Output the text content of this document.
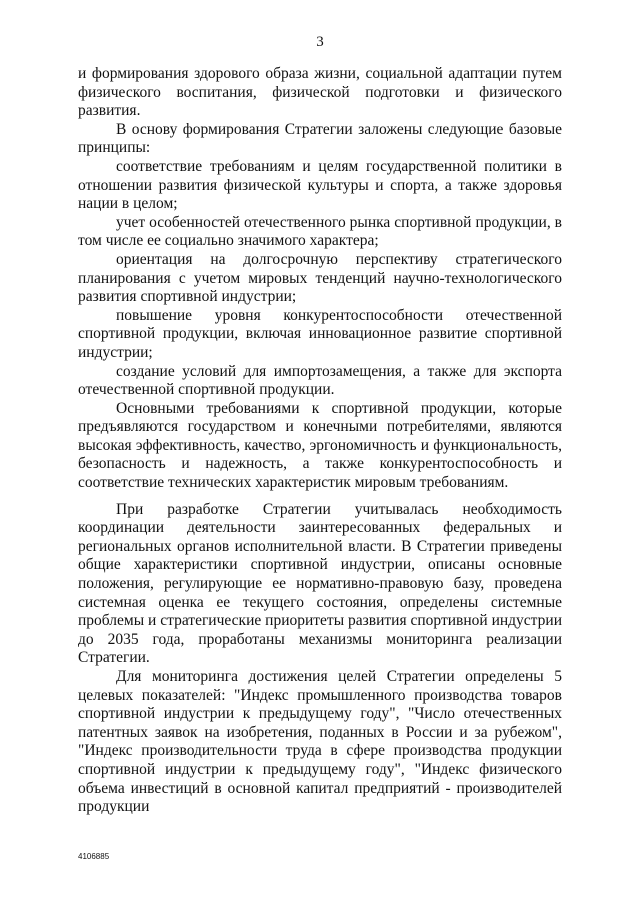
3

и формирования здорового образа жизни, социальной адаптации путем физического воспитания, физической подготовки и физического развития.

В основу формирования Стратегии заложены следующие базовые принципы:

соответствие требованиям и целям государственной политики в отношении развития физической культуры и спорта, а также здоровья нации в целом;

учет особенностей отечественного рынка спортивной продукции, в том числе ее социально значимого характера;

ориентация на долгосрочную перспективу стратегического планирования с учетом мировых тенденций научно-технологического развития спортивной индустрии;

повышение уровня конкурентоспособности отечественной спортивной продукции, включая инновационное развитие спортивной индустрии;

создание условий для импортозамещения, а также для экспорта отечественной спортивной продукции.

Основными требованиями к спортивной продукции, которые предъявляются государством и конечными потребителями, являются высокая эффективность, качество, эргономичность и функциональность, безопасность и надежность, а также конкурентоспособность и соответствие технических характеристик мировым требованиям.

При разработке Стратегии учитывалась необходимость координации деятельности заинтересованных федеральных и региональных органов исполнительной власти. В Стратегии приведены общие характеристики спортивной индустрии, описаны основные положения, регулирующие ее нормативно-правовую базу, проведена системная оценка ее текущего состояния, определены системные проблемы и стратегические приоритеты развития спортивной индустрии до 2035 года, проработаны механизмы мониторинга реализации Стратегии.

Для мониторинга достижения целей Стратегии определены 5 целевых показателей: "Индекс промышленного производства товаров спортивной индустрии к предыдущему году", "Число отечественных патентных заявок на изобретения, поданных в России и за рубежом", "Индекс производительности труда в сфере производства продукции спортивной индустрии к предыдущему году", "Индекс физического объема инвестиций в основной капитал предприятий - производителей продукции

4106885
